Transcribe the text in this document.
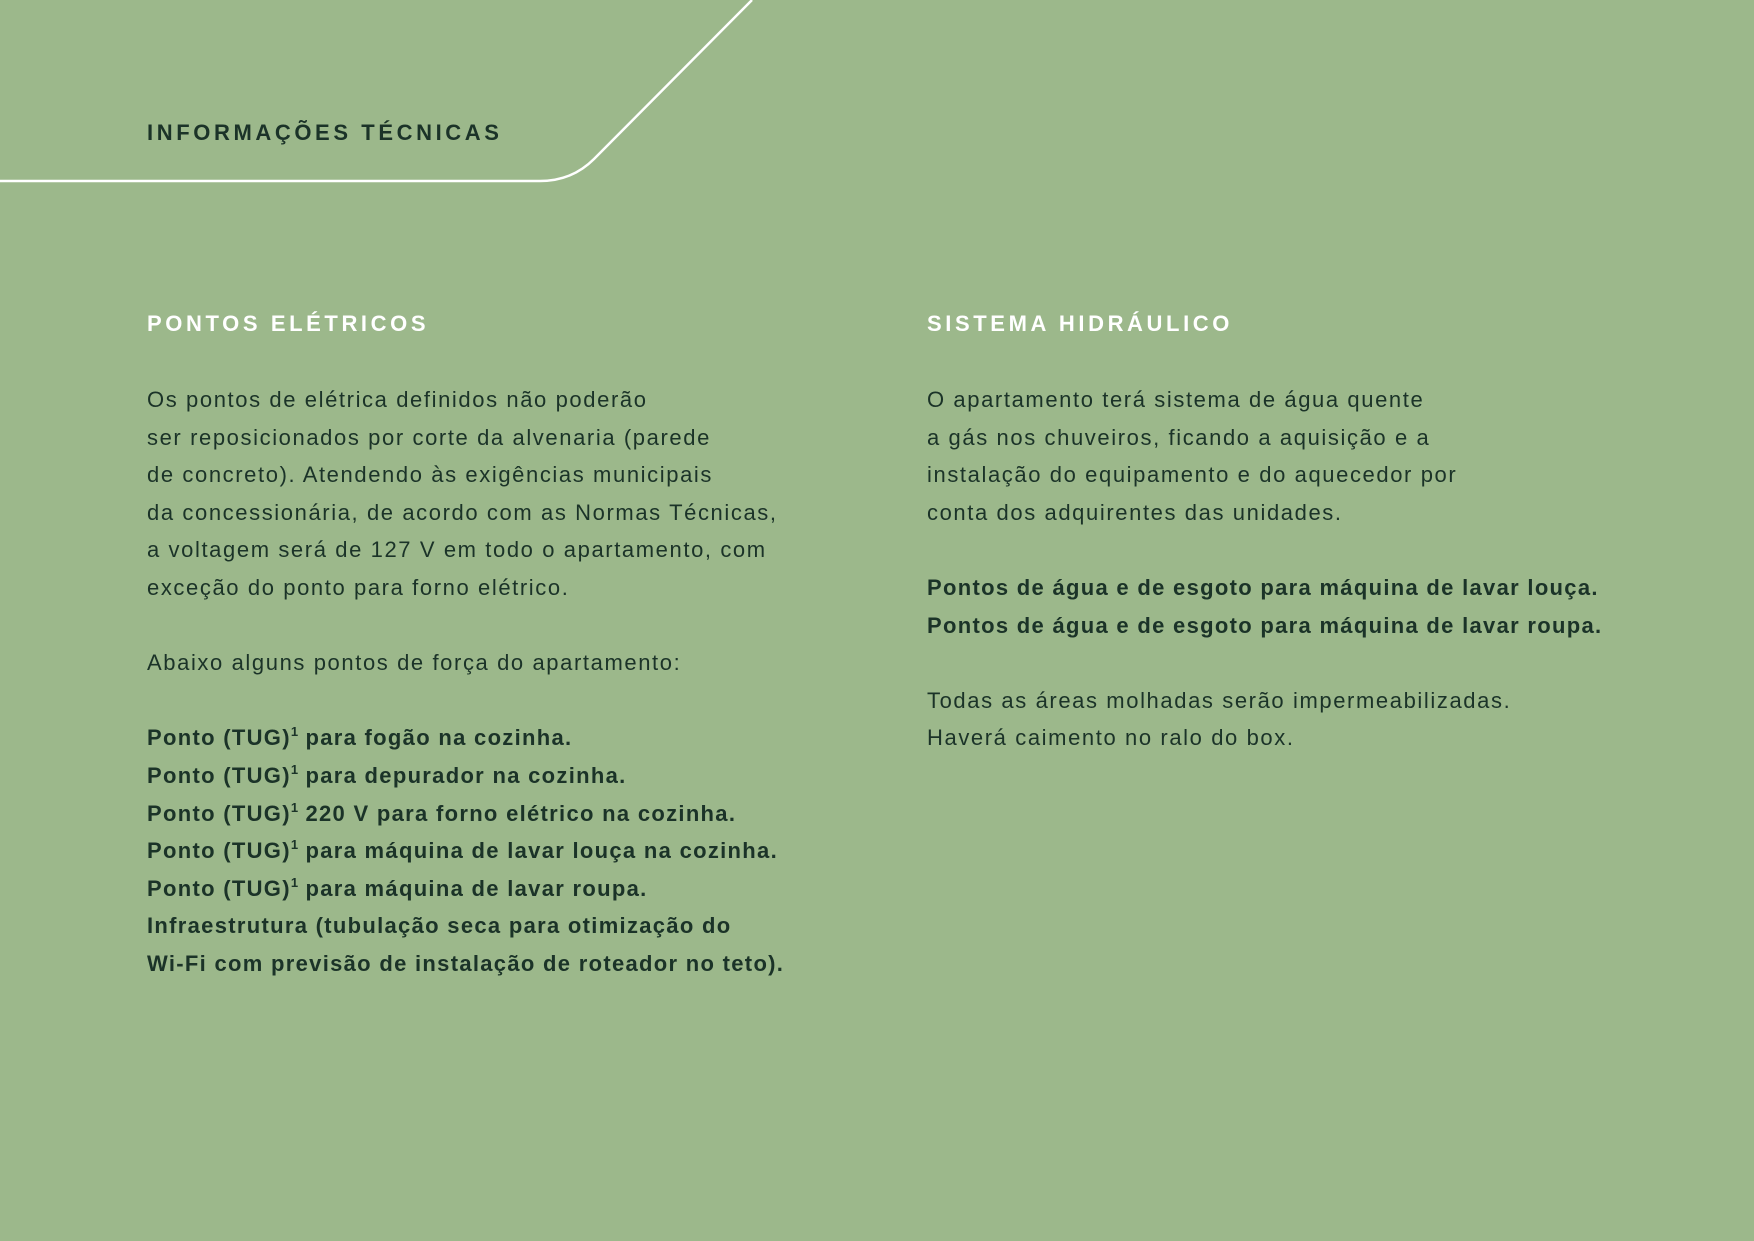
INFORMAÇÕES TÉCNICAS
PONTOS ELÉTRICOS
Os pontos de elétrica definidos não poderão
ser reposicionados por corte da alvenaria (parede
de concreto). Atendendo às exigências municipais
da concessionária, de acordo com as Normas Técnicas,
a voltagem será de 127 V em todo o apartamento, com
exceção do ponto para forno elétrico.
Abaixo alguns pontos de força do apartamento:
Ponto (TUG)$^1$ para fogão na cozinha.
Ponto (TUG)$^1$ para depurador na cozinha.
Ponto (TUG)$^1$ 220 V para forno elétrico na cozinha.
Ponto (TUG)$^1$ para máquina de lavar louça na cozinha.
Ponto (TUG)$^1$ para máquina de lavar roupa.
Infraestrutura (tubulação seca para otimização do
Wi-Fi com previsão de instalação de roteador no teto).
SISTEMA HIDRÁULICO
O apartamento terá sistema de água quente
a gás nos chuveiros, ficando a aquisição e a
instalação do equipamento e do aquecedor por
conta dos adquirentes das unidades.
Pontos de água e de esgoto para máquina de lavar louça.
Pontos de água e de esgoto para máquina de lavar roupa.
Todas as áreas molhadas serão impermeabilizadas.
Haverá caimento no ralo do box.
